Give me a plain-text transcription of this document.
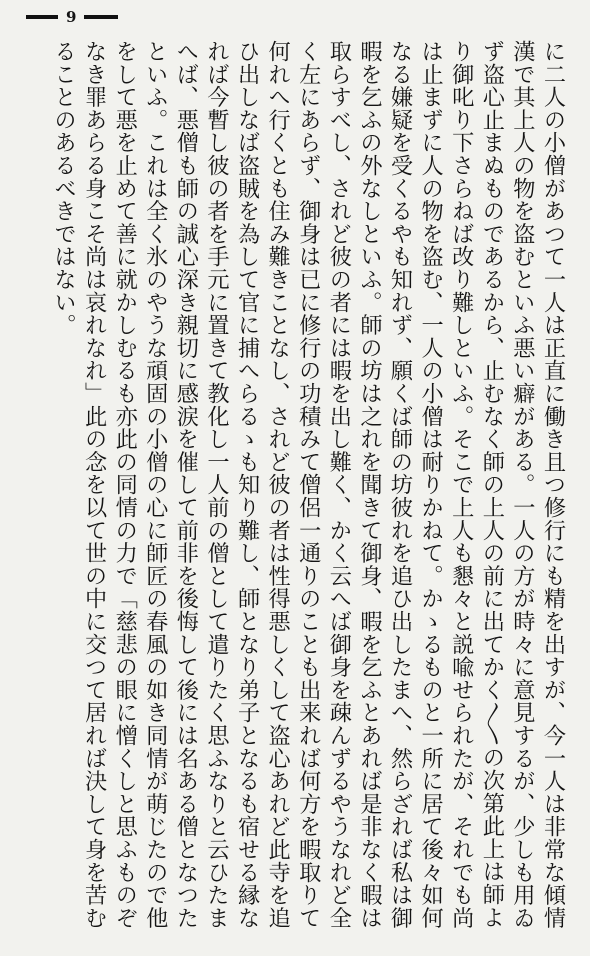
9

に二人の小僧があつて一人は正直に働き且つ修行にも精を出すが、今一人は非常な傾情漢で其上人の物を盗むといふ悪い癖がある。一人の方が時々に意見するが、少しも用ゐず盗心止まぬものであるから、止むなく師の上人の前に出てかく〳〵の次第此上は師より御叱り下さらねば改り難しといふ。そこで上人も懇々と説喩せられたが、それでも尚は止まずに人の物を盗む、一人の小僧は耐りかねて。かゝるものと一所に居て後々如何なる嫌疑を受くるやも知れず、願くば師の坊彼れを追ひ出したまへ、然らざれば私は御暇を乞ふの外なしといふ。師の坊は之れを聞きて御身、暇を乞ふとあれば是非なく暇は取らすべし、されど彼の者には暇を出し難く、かく云へば御身を疎んずるやうなれど全く左にあらず、御身は已に修行の功積みて僧侶一通りのことも出来れば何方を暇取りて何れへ行くとも住み難きことなし、されど彼の者は性得悪しくして盗心あれど此寺を追ひ出しなば盗賊を為して官に捕へらるゝも知り難し、師となり弟子となるも宿せる縁なれば今暫し彼の者を手元に置きて教化し一人前の僧として遣りたく思ふなりと云ひたまへば、悪僧も師の誠心深き親切に感涙を催して前非を後悔して後には名ある僧となつたといふ。これは全く氷のやうな頑固の小僧の心に師匠の春風の如き同情が萌じたので他をして悪を止めて善に就かしむるも亦此の同情の力で「慈悲の眼に憎くしと思ふものぞなき罪あらる身こそ尚は哀れなれ」此の念を以て世の中に交つて居れば決して身を苦むることのあるべきではない。
